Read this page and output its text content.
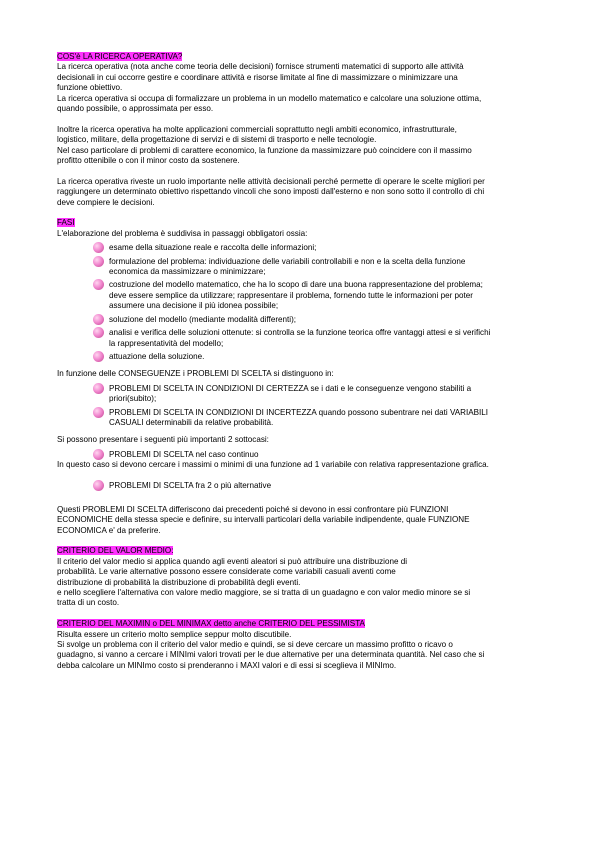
COS'è LA RICERCA OPERATIVA?

La ricerca operativa (nota anche come teoria delle decisioni) fornisce strumenti matematici di supporto alle attività

decisionali in cui occorre gestire e coordinare attività e risorse limitate al fine di massimizzare o minimizzare una

funzione obiettivo.

La ricerca operativa si occupa di formalizzare un problema in un modello matematico e calcolare una soluzione ottima,

quando possibile, o approssimata per esso.

Inoltre la ricerca operativa ha molte applicazioni commerciali soprattutto negli ambiti economico, infrastrutturale,

logistico, militare, della progettazione di servizi e di sistemi di trasporto e nelle tecnologie.

Nel caso particolare di problemi di carattere economico, la funzione da massimizzare può coincidere con il massimo

profitto ottenibile o con il minor costo da sostenere.

La ricerca operativa riveste un ruolo importante nelle attività decisionali perché permette di operare le scelte migliori per

raggiungere un determinato obiettivo rispettando vincoli che sono imposti dall'esterno e non sono sotto il controllo di chi

deve compiere le decisioni.

FASI

L'elaborazione del problema è suddivisa in passaggi obbligatori ossia:

esame della situazione reale e raccolta delle informazioni;
formulazione del problema: individuazione delle variabili controllabili e non e la scelta della funzione
economica da massimizzare o minimizzare;
costruzione del modello matematico, che ha lo scopo di dare una buona rappresentazione del problema;
deve essere semplice da utilizzare; rappresentare il problema, fornendo tutte le informazioni per poter
assumere una decisione il più idonea possibile;
soluzione del modello (mediante modalità differenti);
analisi e verifica delle soluzioni ottenute: si controlla se la funzione teorica offre vantaggi attesi e si verifichi
la rappresentatività del modello;
attuazione della soluzione.

In funzione delle CONSEGUENZE i PROBLEMI DI SCELTA si distinguono in:

PROBLEMI DI SCELTA IN CONDIZIONI DI CERTEZZA se i dati e le conseguenze vengono stabiliti a
priori(subito);
PROBLEMI DI SCELTA IN CONDIZIONI DI INCERTEZZA quando possono subentrare nei dati VARIABILI
CASUALI determinabili da relative probabilità.

Si possono presentare i seguenti più importanti 2 sottocasi:

PROBLEMI DI SCELTA nel caso continuo

In questo caso si devono cercare i massimi o minimi di una funzione ad 1 variabile con relativa rappresentazione grafica.

PROBLEMI DI SCELTA fra 2 o più alternative

Questi PROBLEMI DI SCELTA differiscono dai precedenti poiché si devono in essi confrontare più FUNZIONI

ECONOMICHE della stessa specie e definire, su intervalli particolari della variabile indipendente, quale FUNZIONE

ECONOMICA e' da preferire.

CRITERIO DEL VALOR MEDIO:

Il criterio del valor medio si applica quando agli eventi aleatori si può attribuire una distribuzione di

probabilità. Le varie alternative possono essere considerate come variabili casuali aventi come

distribuzione di probabilità la distribuzione di probabilità degli eventi.

e nello scegliere l'alternativa con valore medio maggiore, se si tratta di un guadagno e con valor medio minore se si

tratta di un costo.

CRITERIO DEL MAXIMIN o DEL MINIMAX detto anche CRITERIO DEL PESSIMISTA

Risulta essere un criterio molto semplice seppur molto discutibile.

Si svolge un problema con il criterio del valor medio e quindi, se si deve cercare un massimo profitto o ricavo o

guadagno, si vanno a cercare i MINImi valori trovati per le due alternative per una determinata quantità. Nel caso che si

debba calcolare un MINImo costo si prenderanno i MAXI valori e di essi si sceglieva il MINImo.
